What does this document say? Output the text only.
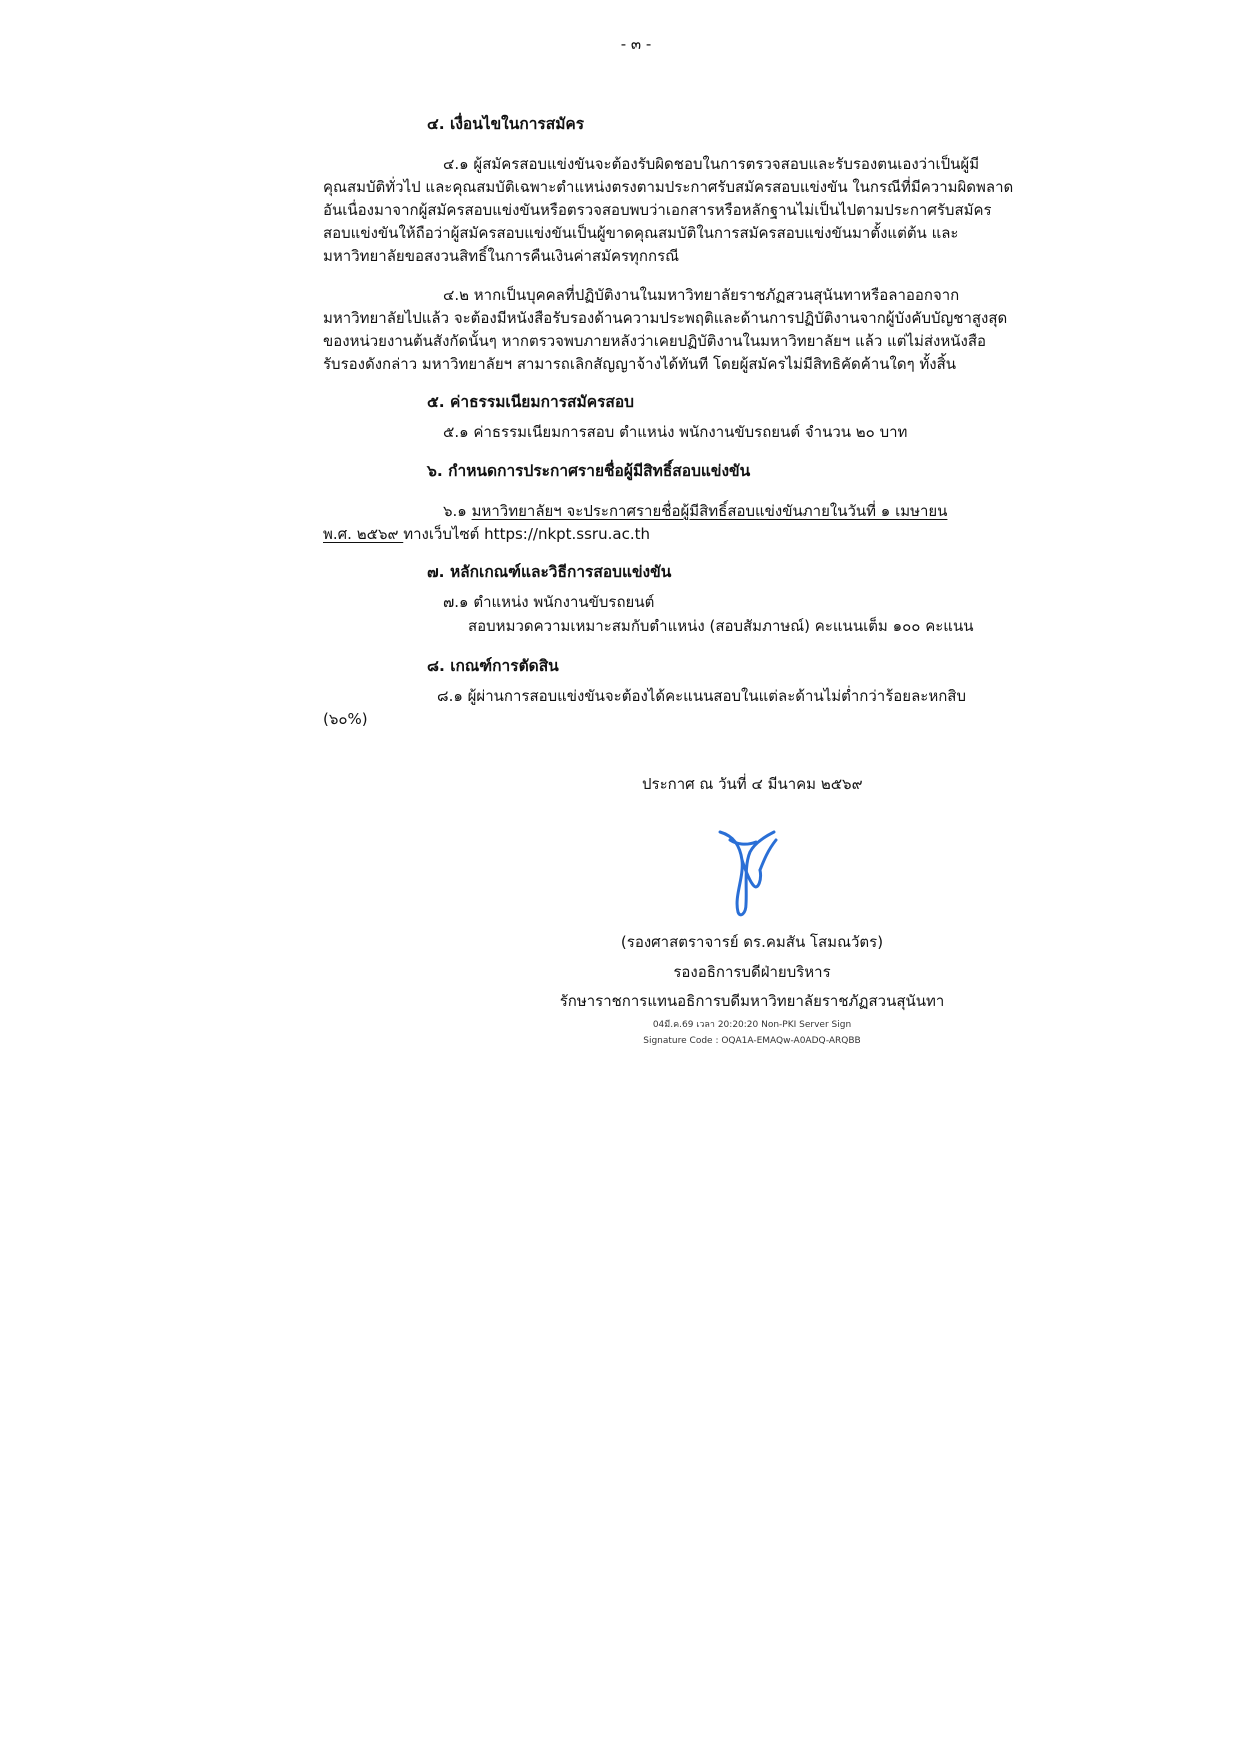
- ๓ -
๔. เงื่อนไขในการสมัคร
๔.๑ ผู้สมัครสอบแข่งขันจะต้องรับผิดชอบในการตรวจสอบและรับรองตนเองว่าเป็นผู้มี
คุณสมบัติทั่วไป และคุณสมบัติเฉพาะตำแหน่งตรงตามประกาศรับสมัครสอบแข่งขัน ในกรณีที่มีความผิดพลาด
อันเนื่องมาจากผู้สมัครสอบแข่งขันหรือตรวจสอบพบว่าเอกสารหรือหลักฐานไม่เป็นไปตามประกาศรับสมัคร
สอบแข่งขันให้ถือว่าผู้สมัครสอบแข่งขันเป็นผู้ขาดคุณสมบัติในการสมัครสอบแข่งขันมาตั้งแต่ต้น และ
มหาวิทยาลัยขอสงวนสิทธิ์ในการคืนเงินค่าสมัครทุกกรณี
๔.๒ หากเป็นบุคคลที่ปฏิบัติงานในมหาวิทยาลัยราชภัฏสวนสุนันทาหรือลาออกจาก
มหาวิทยาลัยไปแล้ว จะต้องมีหนังสือรับรองด้านความประพฤติและด้านการปฏิบัติงานจากผู้บังคับบัญชาสูงสุด
ของหน่วยงานต้นสังกัดนั้นๆ หากตรวจพบภายหลังว่าเคยปฏิบัติงานในมหาวิทยาลัยฯ แล้ว แต่ไม่ส่งหนังสือ
รับรองดังกล่าว มหาวิทยาลัยฯ สามารถเลิกสัญญาจ้างได้ทันที โดยผู้สมัครไม่มีสิทธิคัดค้านใดๆ ทั้งสิ้น
๕. ค่าธรรมเนียมการสมัครสอบ
๕.๑ ค่าธรรมเนียมการสอบ ตำแหน่ง พนักงานขับรถยนต์ จำนวน ๒๐ บาท
๖. กำหนดการประกาศรายชื่อผู้มีสิทธิ์สอบแข่งขัน
๖.๑ มหาวิทยาลัยฯ จะประกาศรายชื่อผู้มีสิทธิ์สอบแข่งขันภายในวันที่ ๑ เมษายน
พ.ศ. ๒๕๖๙ ทางเว็บไซต์ https://nkpt.ssru.ac.th
๗. หลักเกณฑ์และวิธีการสอบแข่งขัน
๗.๑ ตำแหน่ง พนักงานขับรถยนต์
สอบหมวดความเหมาะสมกับตำแหน่ง (สอบสัมภาษณ์) คะแนนเต็ม ๑๐๐ คะแนน
๘. เกณฑ์การตัดสิน
๘.๑ ผู้ผ่านการสอบแข่งขันจะต้องได้คะแนนสอบในแต่ละด้านไม่ต่ำกว่าร้อยละหกสิบ
(๖๐%)
ประกาศ ณ วันที่ ๔ มีนาคม ๒๕๖๙
(รองศาสตราจารย์ ดร.คมสัน โสมณวัตร)
รองอธิการบดีฝ่ายบริหาร
รักษาราชการแทนอธิการบดีมหาวิทยาลัยราชภัฏสวนสุนันทา
04มี.ค.69 เวลา 20:20:20 Non-PKI Server Sign
Signature Code : OQA1A-EMAQw-A0ADQ-ARQBB
